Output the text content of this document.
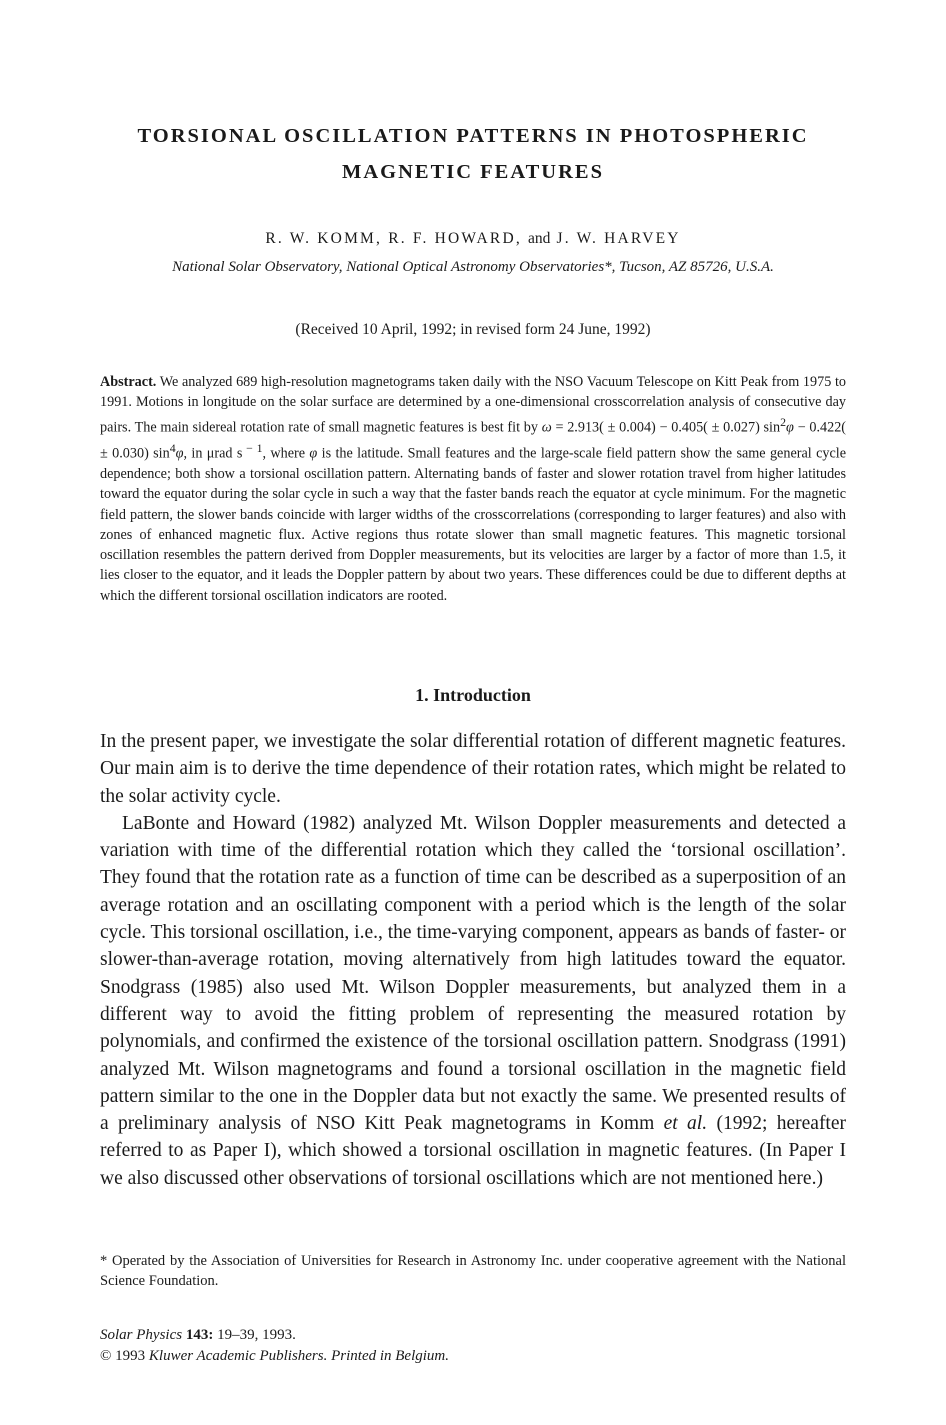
TORSIONAL OSCILLATION PATTERNS IN PHOTOSPHERIC
MAGNETIC FEATURES
R. W. KOMM, R. F. HOWARD, and J. W. HARVEY
National Solar Observatory, National Optical Astronomy Observatories*, Tucson, AZ 85726, U.S.A.
(Received 10 April, 1992; in revised form 24 June, 1992)
Abstract. We analyzed 689 high-resolution magnetograms taken daily with the NSO Vacuum Telescope on Kitt Peak from 1975 to 1991. Motions in longitude on the solar surface are determined by a one-dimensional crosscorrelation analysis of consecutive day pairs. The main sidereal rotation rate of small magnetic features is best fit by ω = 2.913( ± 0.004) − 0.405( ± 0.027) $\sin^2\varphi - 0.422( \pm 0.030)$ $\sin^4\varphi$, in μrad s $^{- 1}$, where φ is the latitude. Small features and the large-scale field pattern show the same general cycle dependence; both show a torsional oscillation pattern. Alternating bands of faster and slower rotation travel from higher latitudes toward the equator during the solar cycle in such a way that the faster bands reach the equator at cycle minimum. For the magnetic field pattern, the slower bands coincide with larger widths of the crosscorrelations (corresponding to larger features) and also with zones of enhanced magnetic flux. Active regions thus rotate slower than small magnetic features. This magnetic torsional oscillation resembles the pattern derived from Doppler measurements, but its velocities are larger by a factor of more than 1.5, it lies closer to the equator, and it leads the Doppler pattern by about two years. These differences could be due to different depths at which the different torsional oscillation indicators are rooted.
1. Introduction

In the present paper, we investigate the solar differential rotation of different magnetic features. Our main aim is to derive the time dependence of their rotation rates, which might be related to the solar activity cycle.

LaBonte and Howard (1982) analyzed Mt. Wilson Doppler measurements and detected a variation with time of the differential rotation which they called the ‘torsional oscillation’. They found that the rotation rate as a function of time can be described as a superposition of an average rotation and an oscillating component with a period which is the length of the solar cycle. This torsional oscillation, i.e., the time-varying component, appears as bands of faster- or slower-than-average rotation, moving alternatively from high latitudes toward the equator. Snodgrass (1985) also used Mt. Wilson Doppler measurements, but analyzed them in a different way to avoid the fitting problem of representing the measured rotation by polynomials, and confirmed the existence of the torsional oscillation pattern. Snodgrass (1991) analyzed Mt. Wilson magnetograms and found a torsional oscillation in the magnetic field pattern similar to the one in the Doppler data but not exactly the same. We presented results of a preliminary analysis of NSO Kitt Peak magnetograms in Komm et al. (1992; hereafter referred to as Paper I), which showed a torsional oscillation in magnetic features. (In Paper I we also discussed other observations of torsional oscillations which are not mentioned here.)

* Operated by the Association of Universities for Research in Astronomy Inc. under cooperative agreement with the National Science Foundation.
Solar Physics 143: 19–39, 1993.
© 1993 Kluwer Academic Publishers. Printed in Belgium.
